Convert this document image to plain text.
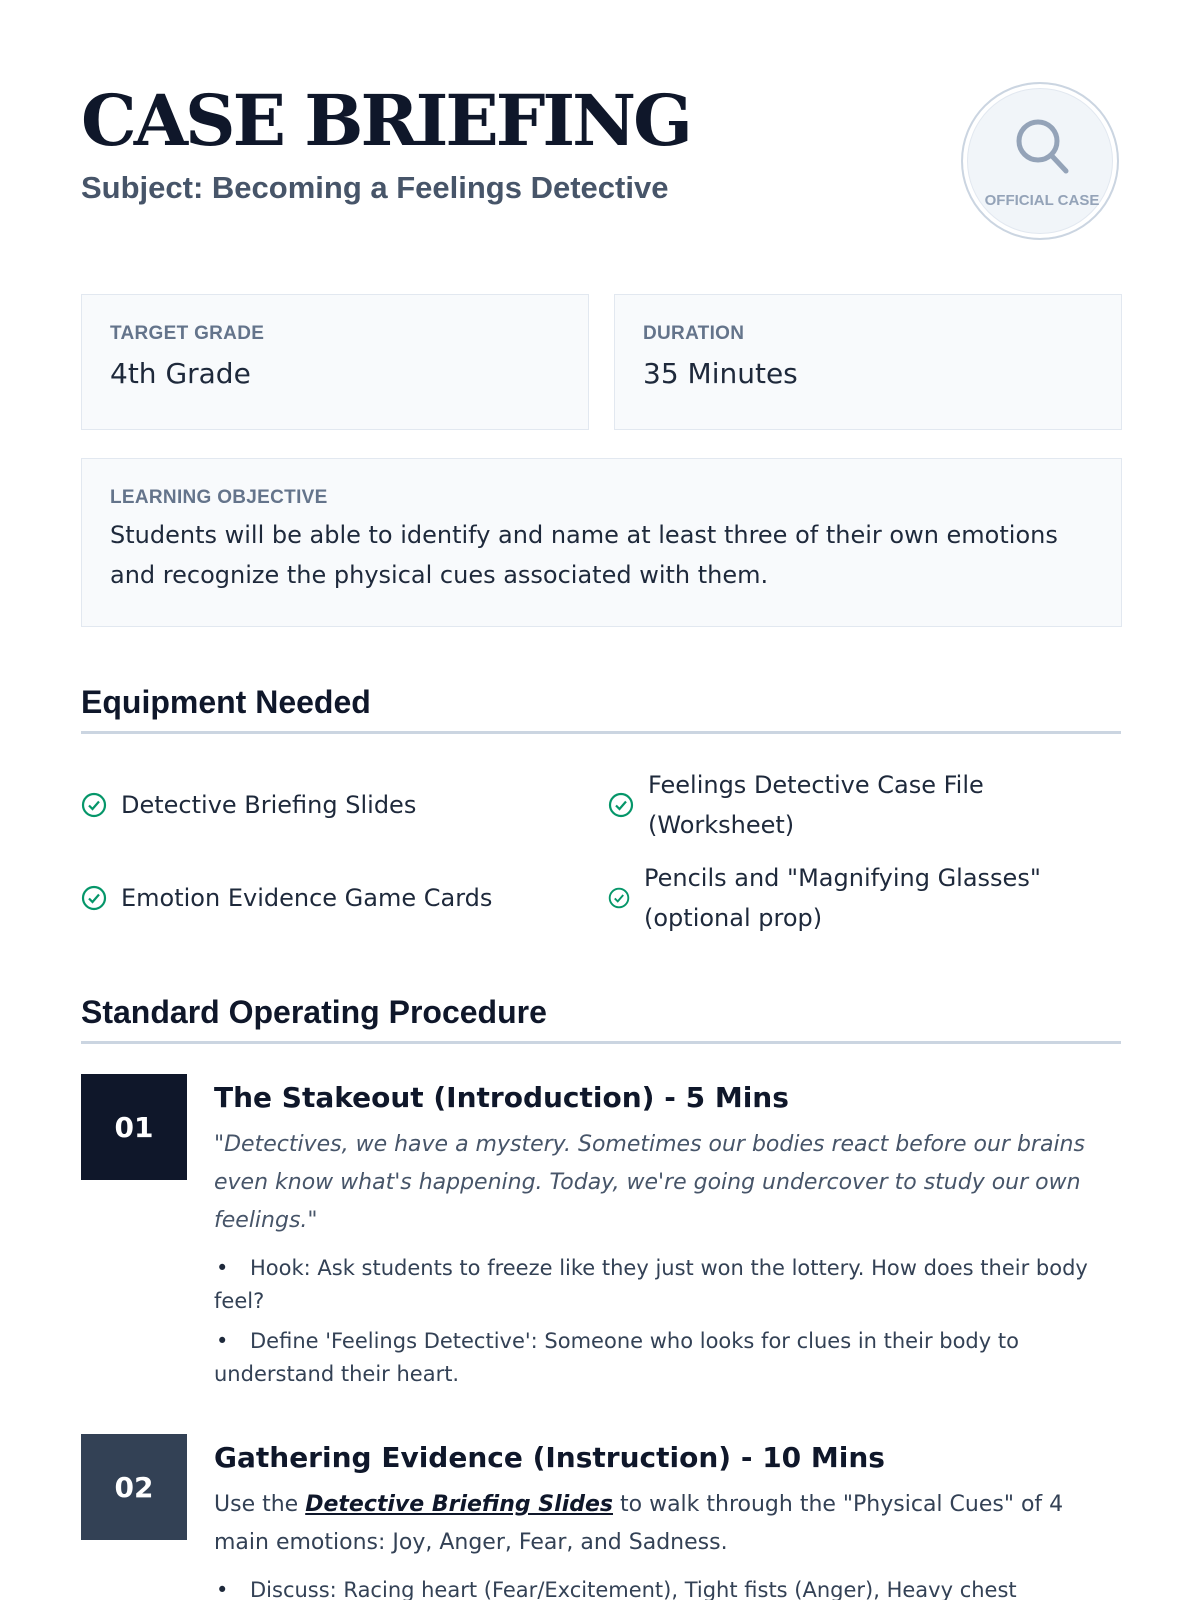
CASE BRIEFING
Subject: Becoming a Feelings Detective	OFFICIAL CASE
TARGET GRADE
4th Grade
DURATION
35 Minutes
LEARNING OBJECTIVE
Students will be able to identify and name at least three of their own emotions and recognize the physical cues associated with them.
Equipment Needed
Detective Briefing Slides
Feelings Detective Case File (Worksheet)
Emotion Evidence Game Cards
Pencils and "Magnifying Glasses" (optional prop)
Standard Operating Procedure
01
The Stakeout (Introduction) - 5 Mins
"Detectives, we have a mystery. Sometimes our bodies react before our brains even know what's happening. Today, we're going undercover to study our own feelings."
• Hook: Ask students to freeze like they just won the lottery. How does their body feel?
• Define 'Feelings Detective': Someone who looks for clues in their body to understand their heart.
02
Gathering Evidence (Instruction) - 10 Mins
Use the Detective Briefing Slides to walk through the "Physical Cues" of 4 main emotions: Joy, Anger, Fear, and Sadness.
• Discuss: Racing heart (Fear/Excitement), Tight fists (Anger), Heavy chest
